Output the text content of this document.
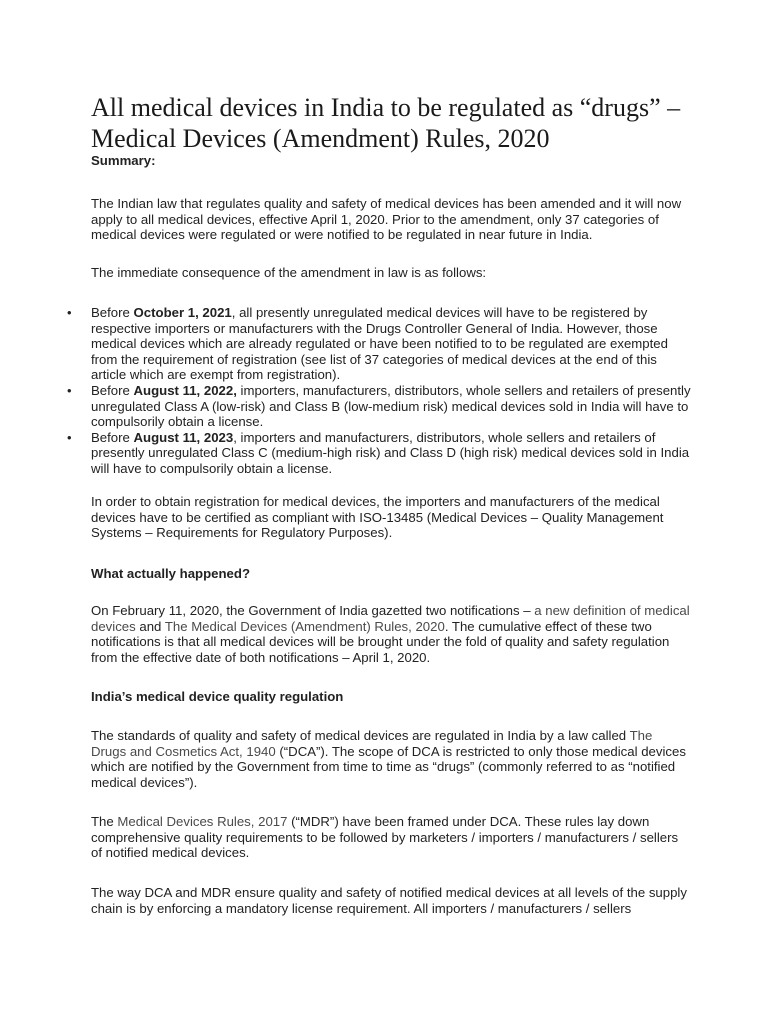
All medical devices in India to be regulated as “drugs” –
Medical Devices (Amendment) Rules, 2020

Summary:

The Indian law that regulates quality and safety of medical devices has been amended and it will now apply to all medical devices, effective April 1, 2020. Prior to the amendment, only 37 categories of medical devices were regulated or were notified to be regulated in near future in India.

The immediate consequence of the amendment in law is as follows:

• Before October 1, 2021, all presently unregulated medical devices will have to be registered by respective importers or manufacturers with the Drugs Controller General of India. However, those medical devices which are already regulated or have been notified to to be regulated are exempted from the requirement of registration (see list of 37 categories of medical devices at the end of this article which are exempt from registration).
• Before August 11, 2022, importers, manufacturers, distributors, whole sellers and retailers of presently unregulated Class A (low-risk) and Class B (low-medium risk) medical devices sold in India will have to compulsorily obtain a license.
• Before August 11, 2023, importers and manufacturers, distributors, whole sellers and retailers of presently unregulated Class C (medium-high risk) and Class D (high risk) medical devices sold in India will have to compulsorily obtain a license.

In order to obtain registration for medical devices, the importers and manufacturers of the medical devices have to be certified as compliant with ISO-13485 (Medical Devices – Quality Management Systems – Requirements for Regulatory Purposes).

What actually happened?

On February 11, 2020, the Government of India gazetted two notifications – a new definition of medical devices and The Medical Devices (Amendment) Rules, 2020. The cumulative effect of these two notifications is that all medical devices will be brought under the fold of quality and safety regulation from the effective date of both notifications – April 1, 2020.

India’s medical device quality regulation

The standards of quality and safety of medical devices are regulated in India by a law called The Drugs and Cosmetics Act, 1940 (“DCA”). The scope of DCA is restricted to only those medical devices which are notified by the Government from time to time as “drugs” (commonly referred to as “notified medical devices”).

The Medical Devices Rules, 2017 (“MDR”) have been framed under DCA. These rules lay down comprehensive quality requirements to be followed by marketers / importers / manufacturers / sellers of notified medical devices.

The way DCA and MDR ensure quality and safety of notified medical devices at all levels of the supply chain is by enforcing a mandatory license requirement. All importers / manufacturers / sellers
